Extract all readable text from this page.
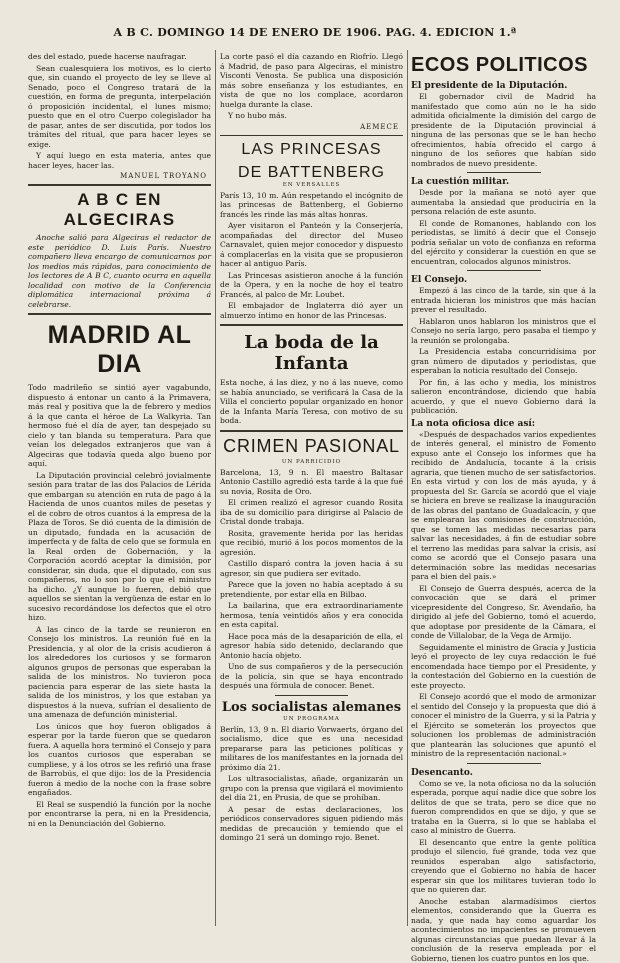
A B C. DOMINGO 14 DE ENERO DE 1906. PAG. 4. EDICION 1.ª

des del estado, puede hacerse naufragar.

Sean cualesquiera los motivos, es lo cierto que, sin cuando el proyecto de ley se lleve al Senado, poco el Congreso tratará de la cuestión, en forma de pregunta, interpelación ó proposición incidental, el lunes mismo; puesto que en el otro Cuerpo colegislador ha de pasar, antes de ser discutida, por todos los trámites del ritual, que para hacer leyes se exige.

Y aquí luego en esta materia, antes que hacer leyes, hacer las.

MANUEL TROYANO
A B C EN ALGECIRAS

Anoche salió para Algeciras el redactor de este periódico D. Luis París. Nuestro compañero lleva encargo de comunicarnos por los medios más rápidos, para conocimiento de los lectores de A B C, cuanto ocurra en aquella localidad con motivo de la Conferencia diplomática internacional próxima á celebrarse.

MADRID AL DIA

Todo madrileño se sintió ayer vagabundo, dispuesto á entonar un canto á la Primavera, más real y positiva que la de febrero y medios á la que canta el héroe de La Walkyria. Tan hermoso fué el día de ayer, tan despejado su cielo y tan blanda su temperatura. Para que veían los delegados extranjeros que van á Algeciras que todavía queda algo bueno por aquí.

La Diputación provincial celebró jovialmente sesión para tratar de las dos Palacios de Lérida que embargan su atención en ruta de pago á la Hacienda de unos cuantos miles de pesetas y el de cobro de otros cuantos á la empresa de la Plaza de Toros. Se dió cuenta de la dimisión de un diputado, fundada en la acusación de imperfecta y de falta de celo que se formula en la Real orden de Gobernación, y la Corporación acordó aceptar la dimisión, por considerar, sin duda, que el diputado, con sus compañeros, no lo son por lo que el ministro ha dicho. ¿Y aunque lo fueren, debió que aquellos se sientan la vergüenza de estar en lo sucesivo recordándose los defectos que el otro hizo.

A las cinco de la tarde se reunieron en Consejo los ministros. La reunión fué en la Presidencia, y al olor de la crisis acudieron á los alrededores los curiosos y se formaron algunos grupos de personas que esperaban la salida de los ministros. No tuvieron poca paciencia para esperar de las siete hasta la salida de los ministros, y los que estaban ya dispuestos á la nueva, sufrían el desaliento de una amenaza de defunción ministerial.

Los únicos que hoy fueron obligados á esperar por la tarde fueron que se quedaron fuera. A aquella hora terminó el Consejo y para los cuantos curiosos que esperaban se cumpliese, y á los otros se les refirió una frase de Barrobús, el que dijo: los de la Presidencia fueron á medio de la noche con la frase sobre engañados.

El Real se suspendió la función por la noche por encontrarse la pera, ni en la Presidencia, ni en la Denunciación del Gobierno.

La corte pasó el día cazando en Riofrío. Llegó á Madrid, de paso para Algeciras, el ministro Visconti Venosta. Se publica una disposición más sobre enseñanza y los estudiantes, en vista de que no los complace, acordaron huelga durante la clase.

Y no hubo más.

AEMECE
LAS PRINCESAS
DE BATTENBERG
EN VERSALLES

París 13, 10 m. Aún respetando el incógnito de las princesas de Battenberg, el Gobierno francés les rinde las más altas honras.

Ayer visitaron el Panteón y la Conserjería, acompañadas del director del Museo Carnavalet, quien mejor conocedor y dispuesto á complacerlas en la visita que se propusieron hacer al antiguo París.

Las Princesas asistieron anoche á la función de la Opera, y en la noche de hoy el teatro Francés, al palco de Mr. Loubet.

El embajador de Inglaterra dió ayer un almuerzo íntimo en honor de las Princesas.

La boda de la Infanta

Esta noche, á las diez, y no á las nueve, como se había anunciado, se verificará la Casa de la Villa el concierto popular organizado en honor de la Infanta María Teresa, con motivo de su boda.

CRIMEN PASIONAL
UN PARRICIDIO

Barcelona, 13, 9 n. El maestro Baltasar Antonio Castillo agredió esta tarde á la que fué su novia, Rosita de Oro.

El crimen realizó el agresor cuando Rosita iba de su domicilio para dirigirse al Palacio de Cristal donde trabaja.

Rosita, gravemente herida por las heridas que recibió, murió á los pocos momentos de la agresión.

Castillo disparó contra la joven hacia á su agresor, sin que pudiera ser evitado.

Parece que la joven no había aceptado á su pretendiente, por estar ella en Bilbao.

La bailarina, que era extraordinariamente hermosa, tenía veintidós años y era conocida en esta capital.

Hace poca más de la desaparición de ella, el agresor había sido detenido, declarando que Antonio hacía objeto.

Uno de sus compañeros y de la persecución de la policía, sin que se haya encontrado después una fórmula de conocer. Benet.

Los socialistas alemanes
UN PROGRAMA

Berlín, 13, 9 n. El diario Vorwaerts, órgano del socialismo, dice que es una necesidad prepararse para las peticiones políticas y militares de los manifestantes en la jornada del próximo día 21.

Los ultrasocialistas, añade, organizarán un grupo con la prensa que vigilará el movimiento del día 21, en Prusia, de que se prohíban.

A pesar de estas declaraciones, los periódicos conservadores siguen pidiendo más medidas de precaución y temiendo que el domingo 21 será un domingo rojo. Benet.

ECOS POLITICOS
El presidente de la Diputación.

El gobernador civil de Madrid ha manifestado que como aún no le ha sido admitida oficialmente la dimisión del cargo de presidente de la Diputación provincial á ninguna de las personas que se le han hecho ofrecimientos, había ofrecido el cargo á ninguno de los señores que habían sido nombrados de nuevo presidente.

La cuestión militar.

Desde por la mañana se notó ayer que aumentaba la ansiedad que produciría en la persona relación de este asunto.

El conde de Romanones, hablando con los periodistas, se limitó á decir que el Consejo podría señalar un voto de confianza en reforma del ejército y considerar la cuestión en que se encuentran, colocados algunos ministros.

El Consejo.

Empezó á las cinco de la tarde, sin que á la entrada hicieran los ministros que más hacían prever el resultado.

Hablaron unos hablaron los ministros que el Consejo no sería largo, pero pasaba el tiempo y la reunión se prolongaba.

La Presidencia estaba concurridísima por gran número de diputados y periodistas, que esperaban la noticia resultado del Consejo.

Por fin, á las ocho y media, los ministros salieron encontrándose, diciendo que había acuerdo, y que el nuevo Gobierno dará la publicación.

La nota oficiosa dice así:

«Después de despachados varios expedientes de interés general, el ministro de Fomento expuso ante el Consejo los informes que ha recibido de Andalucía, tocante á la crisis agraria, que tienen mucho de ser satisfactorios. En esta virtud y con los de más ayuda, y á propuesta del Sr. García se acordó que el viaje se hiciera en breve se realizase la inauguración de las obras del pantano de Guadalcacín, y que se emplearan las comisiones de construcción, que se tomen las medidas necesarias para salvar las necesidades, á fin de estudiar sobre el terreno las medidas para salvar la crisis, así como se acordó que el Consejo pasara una determinación sobre las medidas necesarias para el bien del país.»

El Consejo de Guerra después, acerca de la convocación que se dará el primer vicepresidente del Congreso, Sr. Avendaño, ha dirigido al jefe del Gobierno, tomó el acuerdo, que adoptase por presidente de la Cámara, el conde de Villalobar, de la Vega de Armijo.

Seguidamente el ministro de Gracia y Justicia leyó el proyecto de ley cuya redacción le fué encomendada hace tiempo por el Presidente, y la contestación del Gobierno en la cuestión de este proyecto.

El Consejo acordó que el modo de armonizar el sentido del Consejo y la propuesta que dió á conocer el ministro de la Guerra, y si la Patria y el Ejército se someterán los proyectos que solucionen los problemas de administración que plantearán las soluciones que apuntó el ministro de la representación nacional.»

Desencanto.

Como se ve, la nota oficiosa no da la solución esperada, porque aquí nadie dice que sobre los delitos de que se trata, pero se dice que no fueron comprendidos en que se dijo, y que se trataba en la Guerra, si lo que se hablaba el caso al ministro de Guerra.

El desencanto que entre la gente política produjo el silencio, fué grande, toda vez que reunidos esperaban algo satisfactorio, creyendo que el Gobierno no había de hacer esperar sin que los militares tuvieran todo lo que no quieren dar.

Anoche estaban alarmadísimos ciertos elementos, considerando que la Guerra es nada, y que nada hay como aguardar los acontecimientos no impacientes se promueven algunas circunstancias que puedan llevar á la conclusión de la reserva empleada por el Gobierno, tienen los cuatro puntos en los que.
